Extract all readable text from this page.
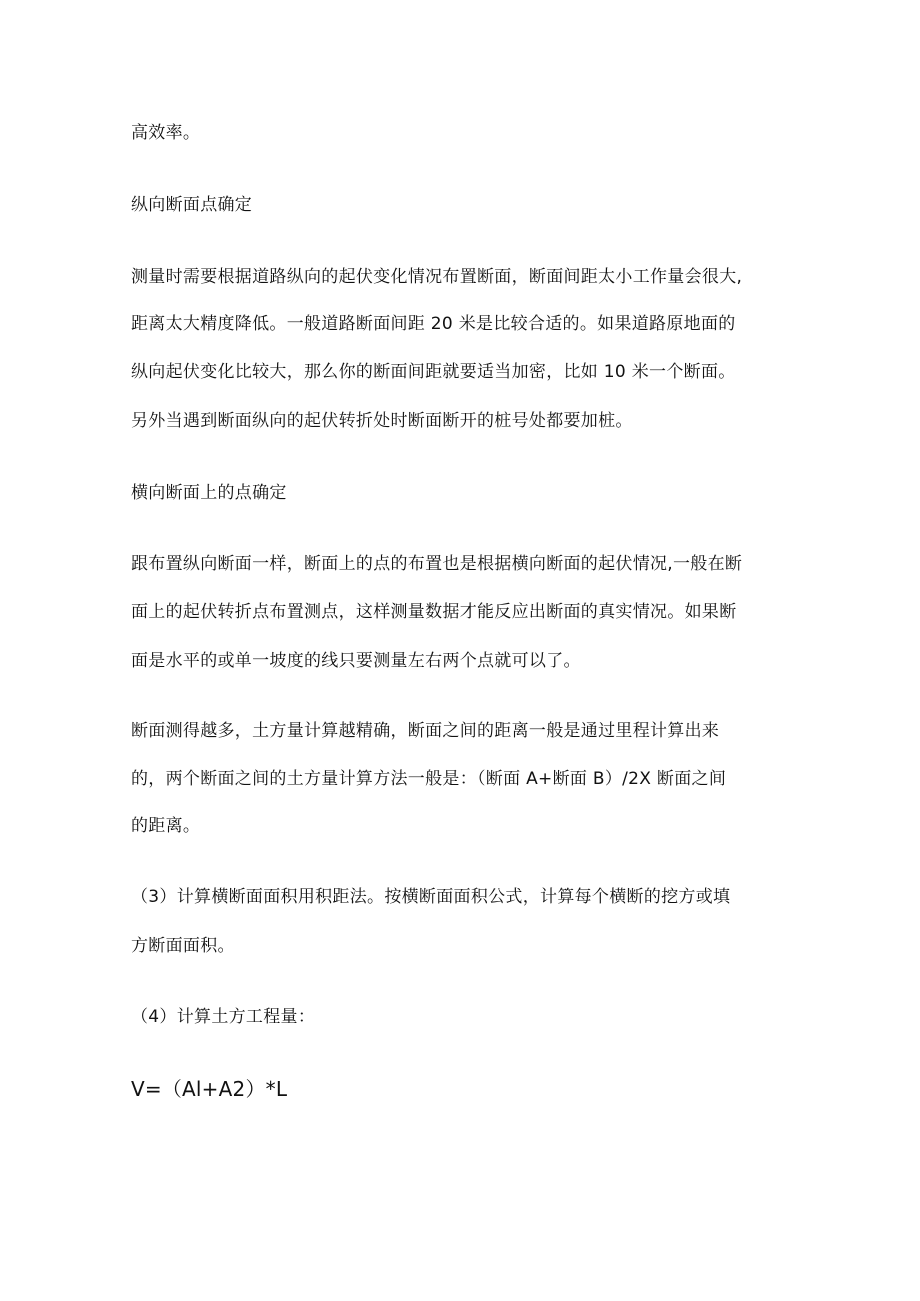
高效率。
纵向断面点确定
测量时需要根据道路纵向的起伏变化情况布置断面，断面间距太小工作量会很大,
距离太大精度降低。一般道路断面间距 20 米是比较合适的。如果道路原地面的
纵向起伏变化比较大，那么你的断面间距就要适当加密，比如 10 米一个断面。
另外当遇到断面纵向的起伏转折处时断面断开的桩号处都要加桩。
横向断面上的点确定
跟布置纵向断面一样，断面上的点的布置也是根据横向断面的起伏情况,一般在断
面上的起伏转折点布置测点，这样测量数据才能反应出断面的真实情况。如果断
面是水平的或单一坡度的线只要测量左右两个点就可以了。
断面测得越多，土方量计算越精确，断面之间的距离一般是通过里程计算出来
的，两个断面之间的土方量计算方法一般是：（断面 A+断面 B）/2X 断面之间
的距离。
（3）计算横断面面积用积距法。按横断面面积公式，计算每个横断的挖方或填
方断面面积。
（4）计算土方工程量：
V=（Al+A2）*L
